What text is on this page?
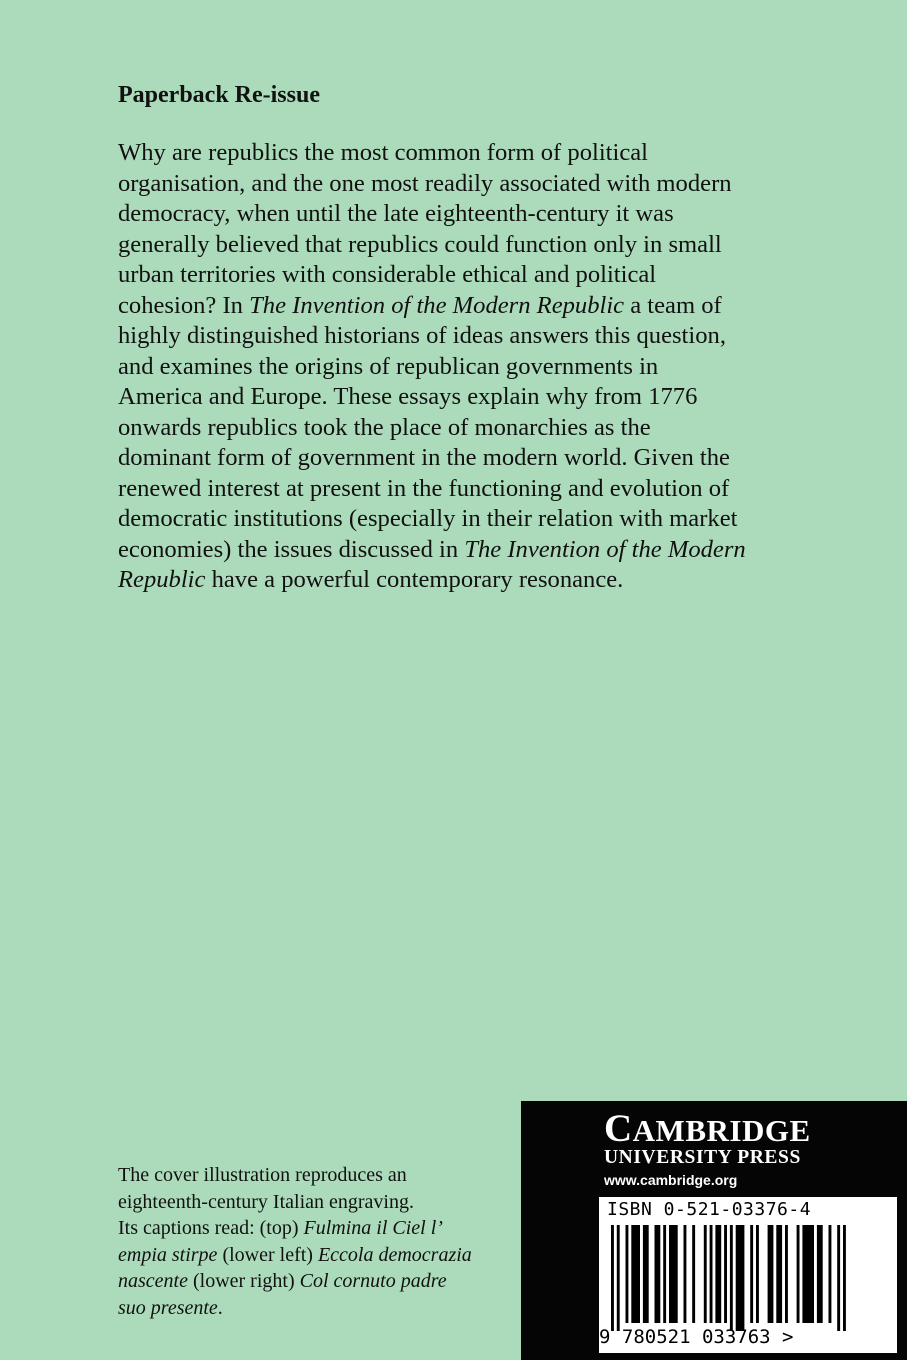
Paperback Re-issue
Why are republics the most common form of political
organisation, and the one most readily associated with modern
democracy, when until the late eighteenth-century it was
generally believed that republics could function only in small
urban territories with considerable ethical and political
cohesion? In The Invention of the Modern Republic a team of
highly distinguished historians of ideas answers this question,
and examines the origins of republican governments in
America and Europe. These essays explain why from 1776
onwards republics took the place of monarchies as the
dominant form of government in the modern world. Given the
renewed interest at present in the functioning and evolution of
democratic institutions (especially in their relation with market
economies) the issues discussed in The Invention of the Modern
Republic have a powerful contemporary resonance.
The cover illustration reproduces an
eighteenth-century Italian engraving.
Its captions read: (top) Fulmina il Ciel l’
empia stirpe (lower left) Eccola democrazia
nascente (lower right) Col cornuto padre
suo presente.
CAMBRIDGE
UNIVERSITY PRESS
www.cambridge.org
ISBN 0-521-03376-4
9 780521 033763 >
